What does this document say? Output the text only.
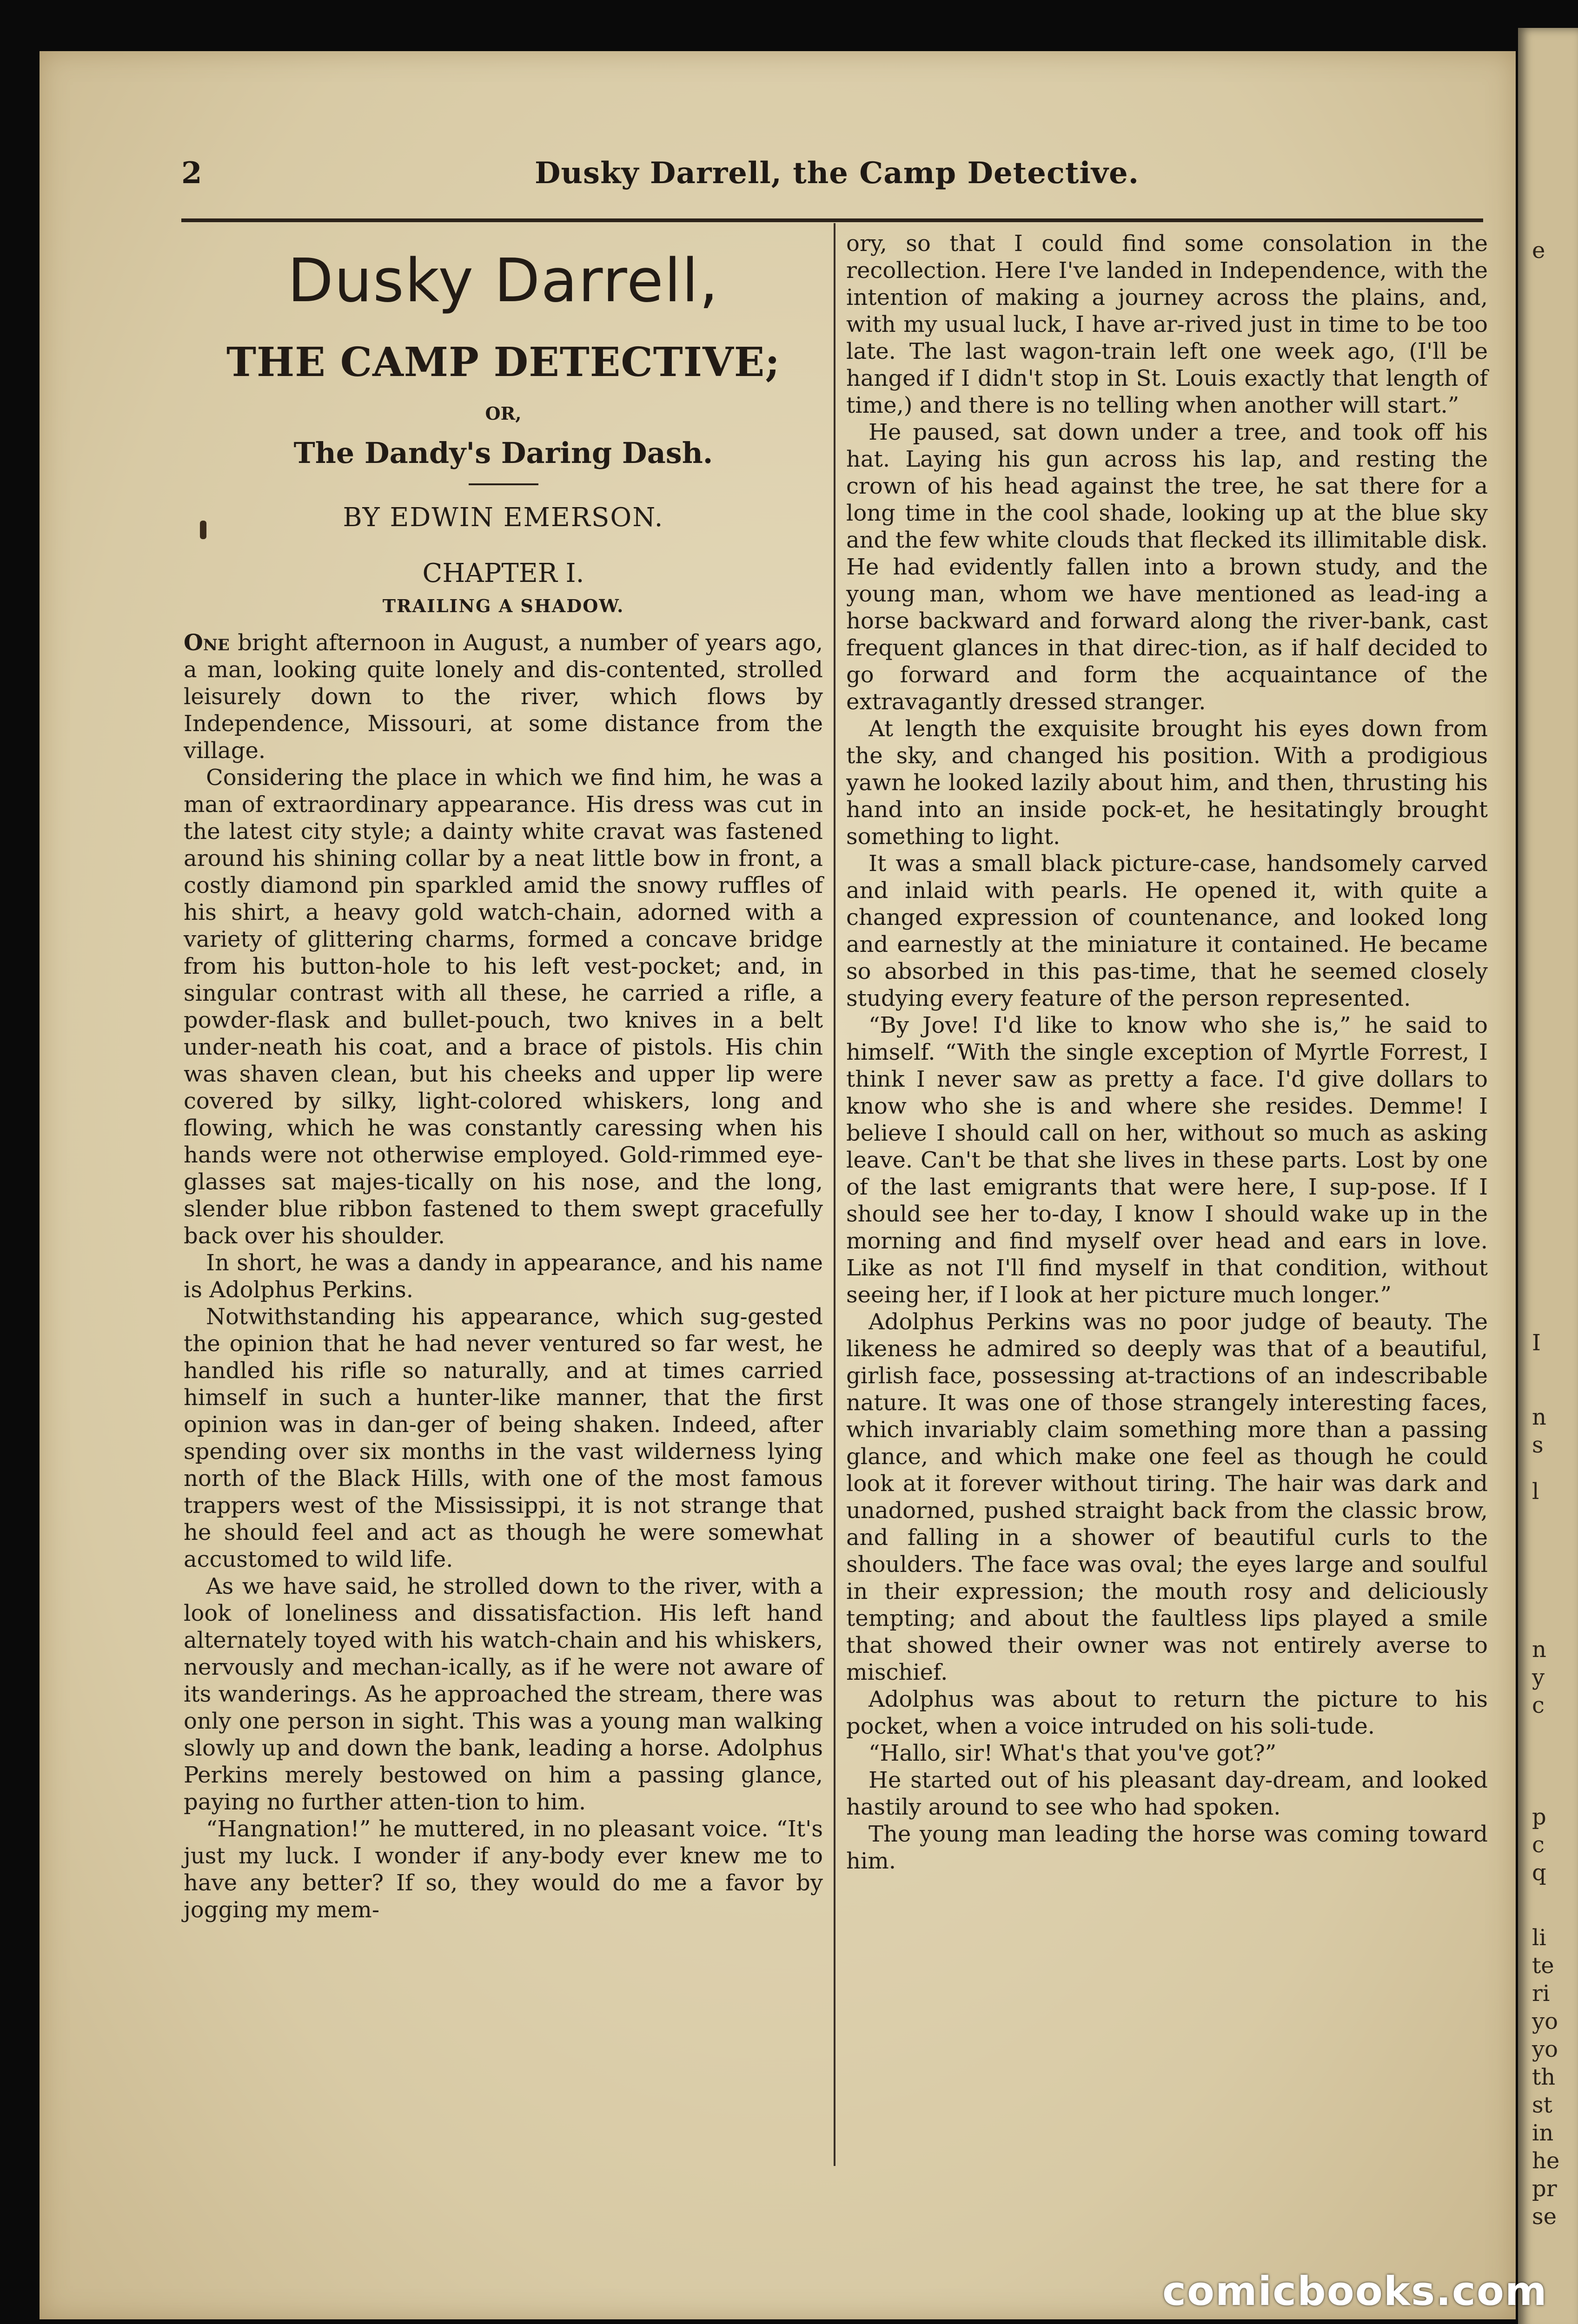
e
I
n
s
l
n
y
c
p
c
q
li
te
ri
yo
yo
th
st
in
he
pr
se
2	Dusky Darrell, the Camp Detective.
Dusky Darrell,
THE CAMP DETECTIVE;
OR,
The Dandy's Daring Dash.
BY EDWIN EMERSON.
CHAPTER I.
TRAILING A SHADOW.

One bright afternoon in August, a number of years ago, a man, looking quite lonely and dis-contented, strolled leisurely down to the river, which flows by Independence, Missouri, at some distance from the village.

Considering the place in which we find him, he was a man of extraordinary appearance. His dress was cut in the latest city style; a dainty white cravat was fastened around his shining collar by a neat little bow in front, a costly diamond pin sparkled amid the snowy ruffles of his shirt, a heavy gold watch-chain, adorned with a variety of glittering charms, formed a concave bridge from his button-hole to his left vest-pocket; and, in singular contrast with all these, he carried a rifle, a powder-flask and bullet-pouch, two knives in a belt under-neath his coat, and a brace of pistols. His chin was shaven clean, but his cheeks and upper lip were covered by silky, light-colored whiskers, long and flowing, which he was constantly caressing when his hands were not otherwise employed. Gold-rimmed eye-glasses sat majes-tically on his nose, and the long, slender blue ribbon fastened to them swept gracefully back over his shoulder.

In short, he was a dandy in appearance, and his name is Adolphus Perkins.

Notwithstanding his appearance, which sug-gested the opinion that he had never ventured so far west, he handled his rifle so naturally, and at times carried himself in such a hunter-like manner, that the first opinion was in dan-ger of being shaken. Indeed, after spending over six months in the vast wilderness lying north of the Black Hills, with one of the most famous trappers west of the Mississippi, it is not strange that he should feel and act as though he were somewhat accustomed to wild life.

As we have said, he strolled down to the river, with a look of loneliness and dissatisfaction. His left hand alternately toyed with his watch-chain and his whiskers, nervously and mechan-ically, as if he were not aware of its wanderings. As he approached the stream, there was only one person in sight. This was a young man walking slowly up and down the bank, leading a horse. Adolphus Perkins merely bestowed on him a passing glance, paying no further atten-tion to him.

“Hangnation!” he muttered, in no pleasant voice. “It's just my luck. I wonder if any-body ever knew me to have any better? If so, they would do me a favor by jogging my mem-

ory, so that I could find some consolation in the recollection. Here I've landed in Independence, with the intention of making a journey across the plains, and, with my usual luck, I have ar-rived just in time to be too late. The last wagon-train left one week ago, (I'll be hanged if I didn't stop in St. Louis exactly that length of time,) and there is no telling when another will start.”

He paused, sat down under a tree, and took off his hat. Laying his gun across his lap, and resting the crown of his head against the tree, he sat there for a long time in the cool shade, looking up at the blue sky and the few white clouds that flecked its illimitable disk. He had evidently fallen into a brown study, and the young man, whom we have mentioned as lead-ing a horse backward and forward along the river-bank, cast frequent glances in that direc-tion, as if half decided to go forward and form the acquaintance of the extravagantly dressed stranger.

At length the exquisite brought his eyes down from the sky, and changed his position. With a prodigious yawn he looked lazily about him, and then, thrusting his hand into an inside pock-et, he hesitatingly brought something to light.

It was a small black picture-case, handsomely carved and inlaid with pearls. He opened it, with quite a changed expression of countenance, and looked long and earnestly at the miniature it contained. He became so absorbed in this pas-time, that he seemed closely studying every feature of the person represented.

“By Jove! I'd like to know who she is,” he said to himself. “With the single exception of Myrtle Forrest, I think I never saw as pretty a face. I'd give dollars to know who she is and where she resides. Demme! I believe I should call on her, without so much as asking leave. Can't be that she lives in these parts. Lost by one of the last emigrants that were here, I sup-pose. If I should see her to-day, I know I should wake up in the morning and find myself over head and ears in love. Like as not I'll find myself in that condition, without seeing her, if I look at her picture much longer.”

Adolphus Perkins was no poor judge of beauty. The likeness he admired so deeply was that of a beautiful, girlish face, possessing at-tractions of an indescribable nature. It was one of those strangely interesting faces, which invariably claim something more than a passing glance, and which make one feel as though he could look at it forever without tiring. The hair was dark and unadorned, pushed straight back from the classic brow, and falling in a shower of beautiful curls to the shoulders. The face was oval; the eyes large and soulful in their expression; the mouth rosy and deliciously tempting; and about the faultless lips played a smile that showed their owner was not entirely averse to mischief.

Adolphus was about to return the picture to his pocket, when a voice intruded on his soli-tude.

“Hallo, sir! What's that you've got?”

He started out of his pleasant day-dream, and looked hastily around to see who had spoken.

The young man leading the horse was coming toward him.

comicbooks.com
